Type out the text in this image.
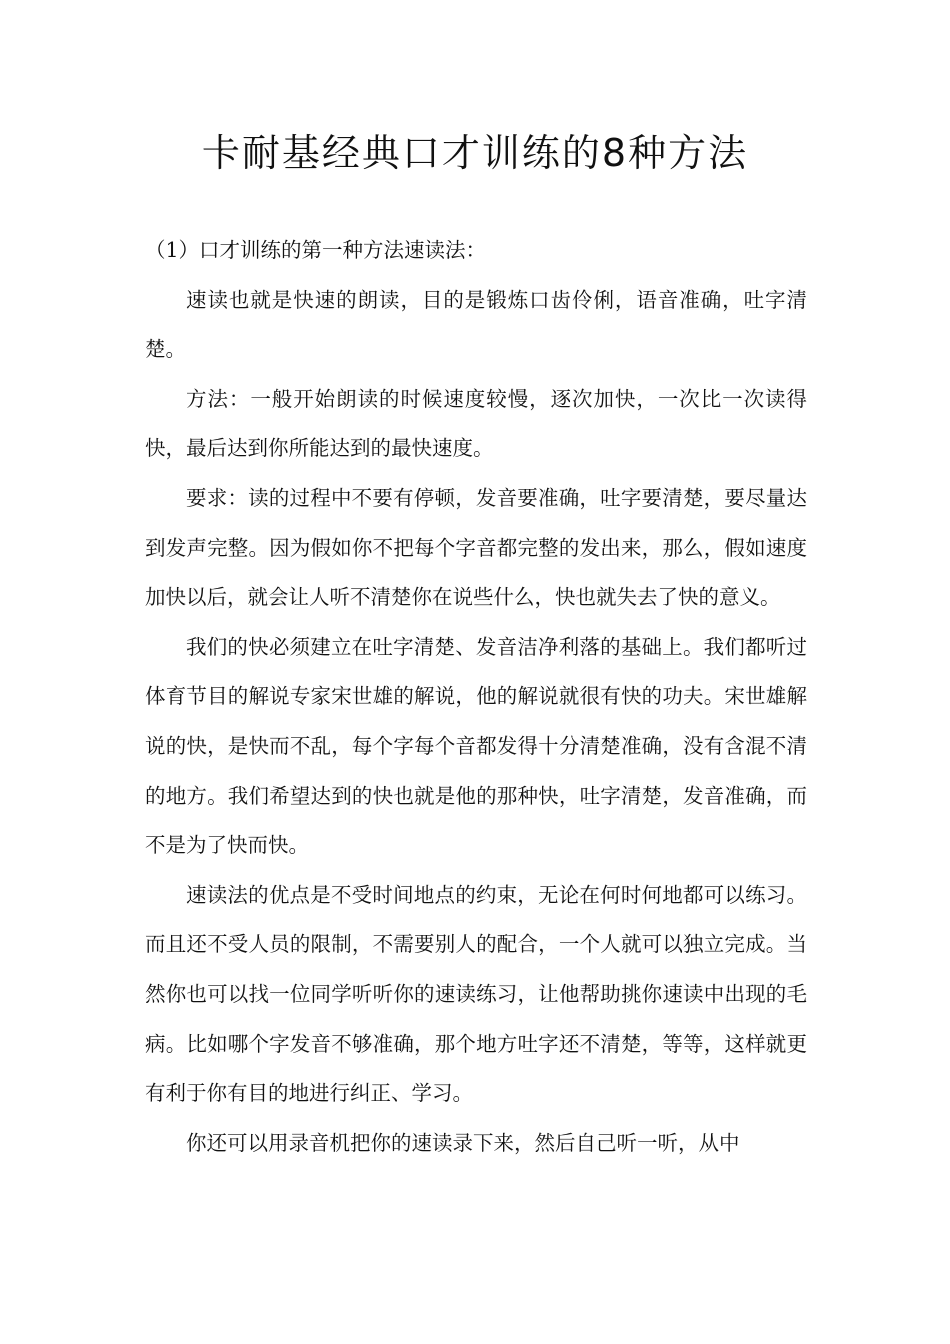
卡耐基经典口才训练的8种方法

（1）口才训练的第一种方法速读法：

速读也就是快速的朗读，目的是锻炼口齿伶俐，语音准确，吐字清楚。

方法：一般开始朗读的时候速度较慢，逐次加快，一次比一次读得快，最后达到你所能达到的最快速度。

要求：读的过程中不要有停顿，发音要准确，吐字要清楚，要尽量达到发声完整。因为假如你不把每个字音都完整的发出来，那么，假如速度加快以后，就会让人听不清楚你在说些什么，快也就失去了快的意义。

我们的快必须建立在吐字清楚、发音洁净利落的基础上。我们都听过体育节目的解说专家宋世雄的解说，他的解说就很有快的功夫。宋世雄解说的快，是快而不乱，每个字每个音都发得十分清楚准确，没有含混不清的地方。我们希望达到的快也就是他的那种快，吐字清楚，发音准确，而不是为了快而快。

速读法的优点是不受时间地点的约束，无论在何时何地都可以练习。而且还不受人员的限制，不需要别人的配合，一个人就可以独立完成。当然你也可以找一位同学听听你的速读练习，让他帮助挑你速读中出现的毛病。比如哪个字发音不够准确，那个地方吐字还不清楚，等等，这样就更有利于你有目的地进行纠正、学习。

你还可以用录音机把你的速读录下来，然后自己听一听，从中
